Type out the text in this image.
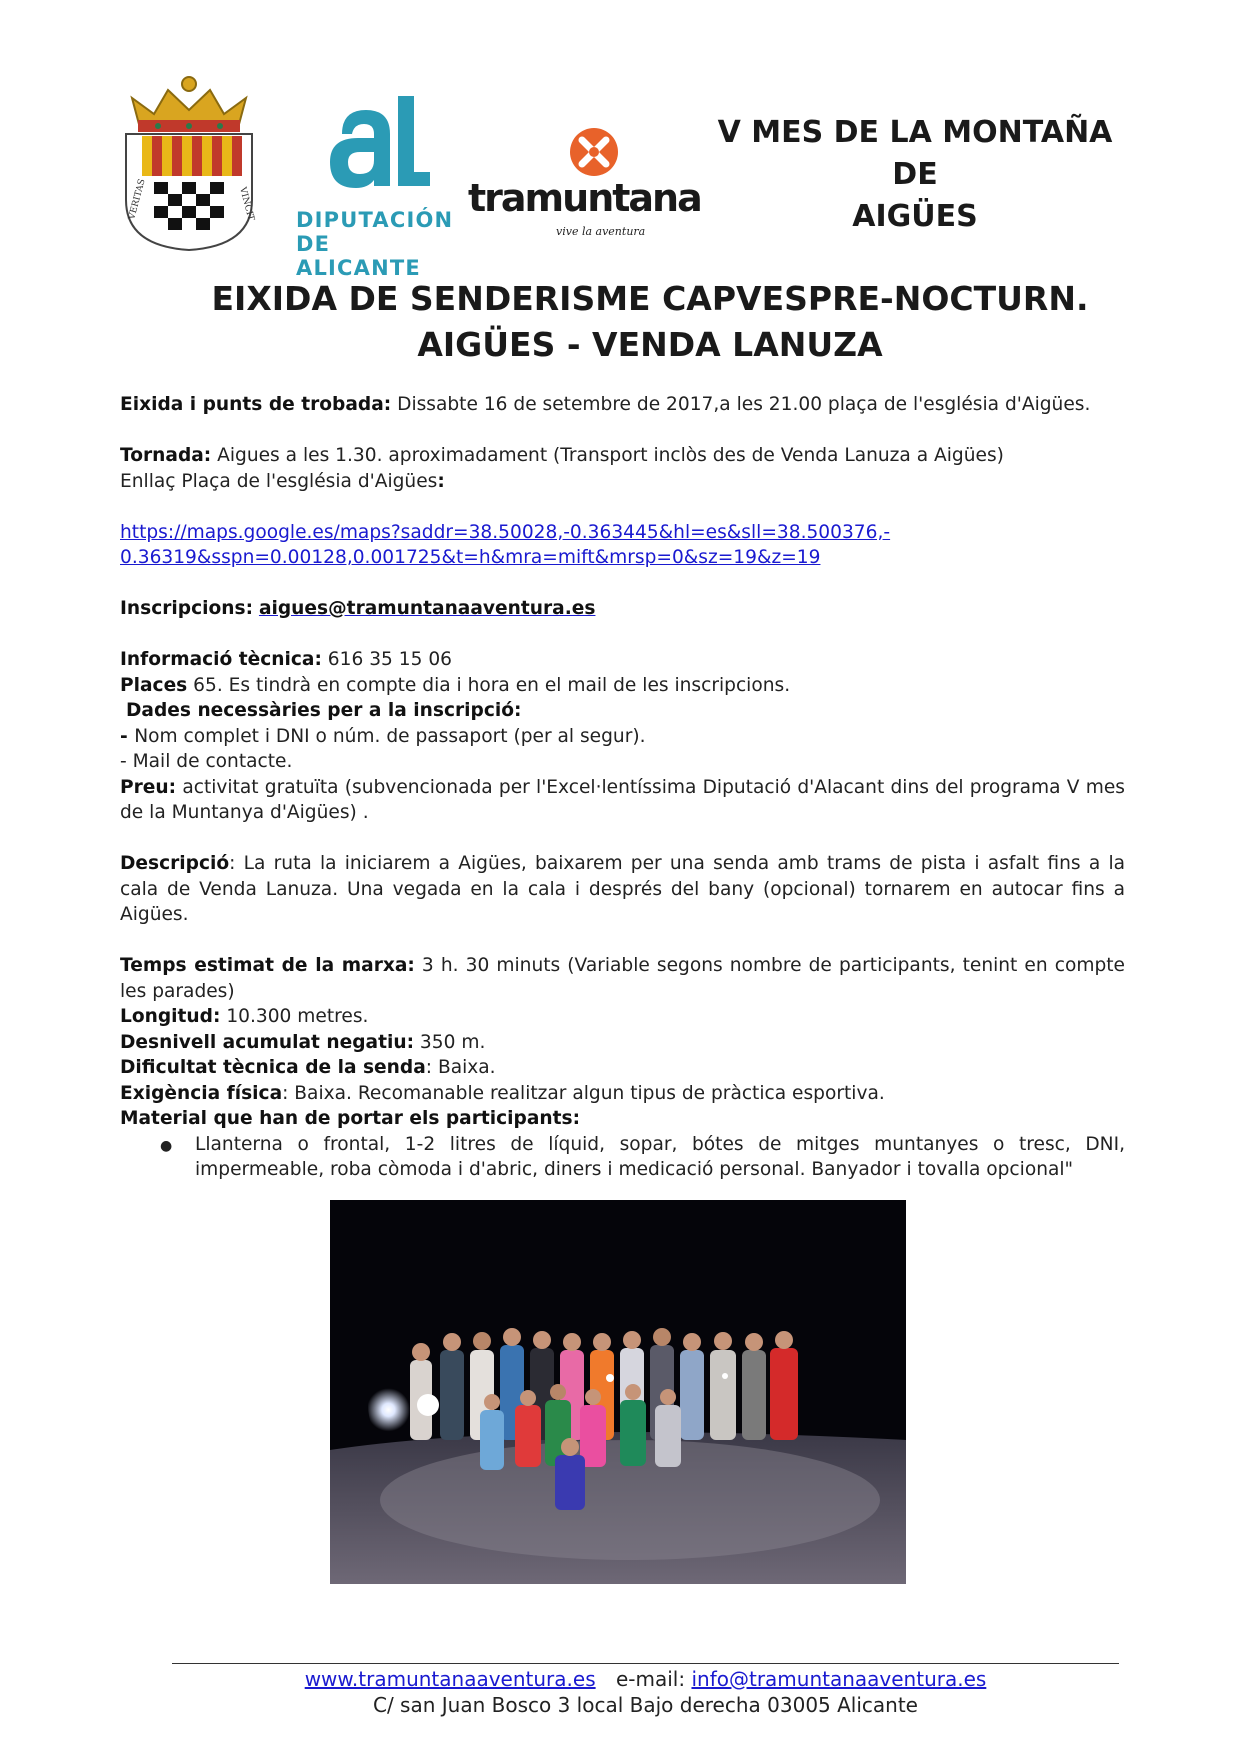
VERITAS	VINCIT DIPUTACIÓN
DE ALICANTE
tramuntana
vive la aventura
V MES DE LA MONTAÑA DE
AIGÜES
EIXIDA DE SENDERISME CAPVESPRE-NOCTURN.
AIGÜES - VENDA LANUZA

Eixida i punts de trobada: Dissabte 16 de setembre de 2017,a les 21.00 plaça de l'església d'Aigües.

Tornada: Aigues a les 1.30. aproximadament (Transport inclòs des de Venda Lanuza a Aigües)

Enllaç Plaça de l'església d'Aigües:

https://maps.google.es/maps?saddr=38.50028,-0.363445&hl=es&sll=38.500376,-
0.36319&sspn=0.00128,0.001725&t=h&mra=mift&mrsp=0&sz=19&z=19

Inscripcions: aigues@tramuntanaaventura.es

Informació tècnica: 616 35 15 06

Places 65. Es tindrà en compte dia i hora en el mail de les inscripcions.

Dades necessàries per a la inscripció:

- Nom complet i DNI o núm. de passaport (per al segur).

- Mail de contacte.

Preu: activitat gratuïta (subvencionada per l'Excel·lentíssima Diputació d'Alacant dins del programa V mes de la Muntanya d'Aigües) .

Descripció: La ruta la iniciarem a Aigües, baixarem per una senda amb trams de pista i asfalt fins a la cala de Venda Lanuza. Una vegada en la cala i després del bany (opcional) tornarem en autocar fins a Aigües.

Temps estimat de la marxa: 3 h. 30 minuts (Variable segons nombre de participants, tenint en compte les parades)

Longitud: 10.300 metres.

Desnivell acumulat negatiu: 350 m.

Dificultat tècnica de la senda: Baixa.

Exigència física: Baixa. Recomanable realitzar algun tipus de pràctica esportiva.

Material que han de portar els participants:

●	Llanterna o frontal, 1-2 litres de líquid, sopar, bótes de mitges muntanyes o tresc, DNI, impermeable, roba còmoda i d'abric, diners i medicació personal. Banyador i tovalla opcional"
www.tramuntanaaventura.es e-mail: info@tramuntanaaventura.es
C/ san Juan Bosco 3 local Bajo derecha 03005 Alicante
